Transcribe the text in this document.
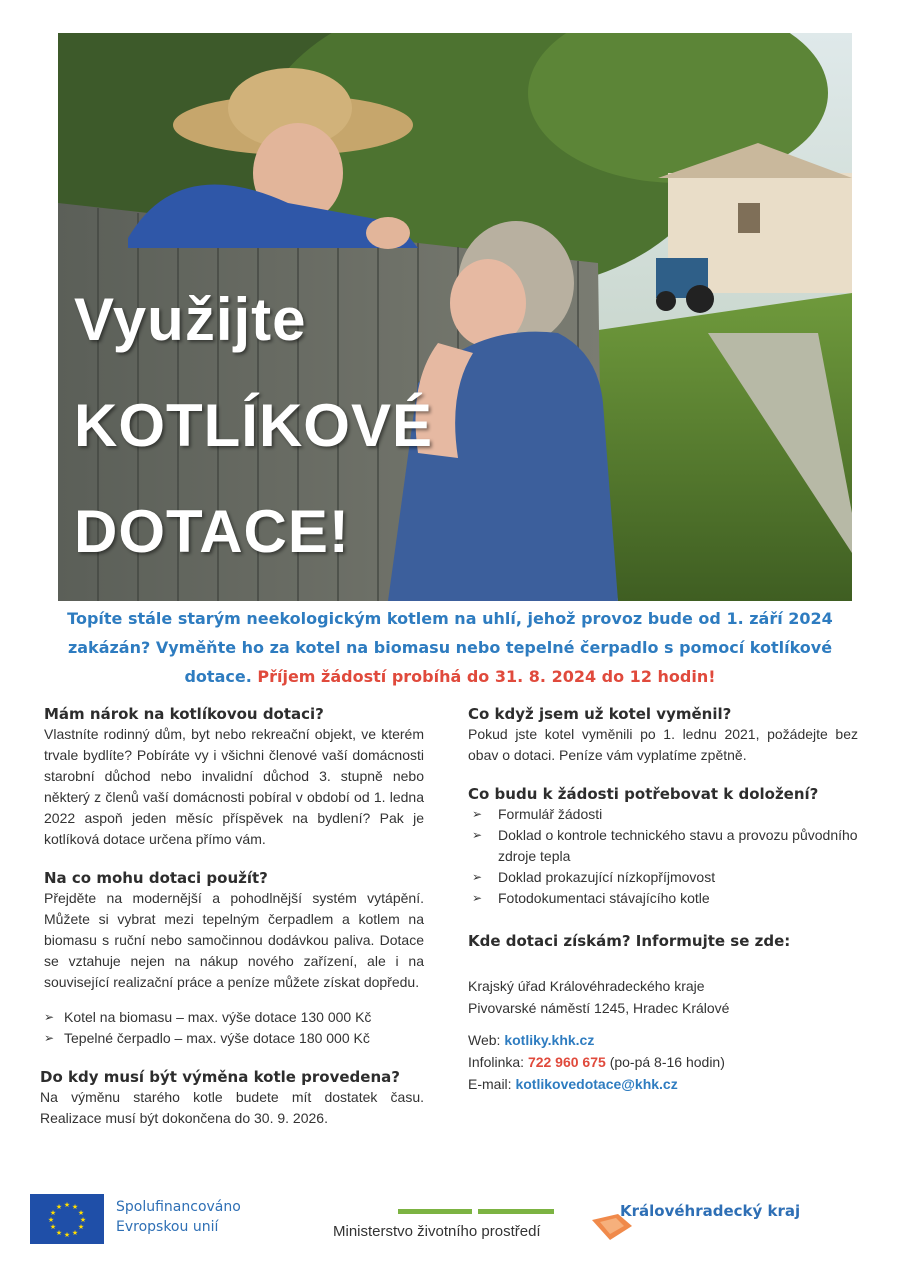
Využijte
KOTLÍKOVÉ
DOTACE!

Topíte stále starým neekologickým kotlem na uhlí, jehož provoz bude od 1. září 2024 zakázán? Vyměňte ho za kotel na biomasu nebo tepelné čerpadlo s pomocí kotlíkové dotace. Příjem žádostí probíhá do 31. 8. 2024 do 12 hodin!

Mám nárok na kotlíkovou dotaci?

Vlastníte rodinný dům, byt nebo rekreační objekt, ve kterém trvale bydlíte? Pobíráte vy i všichni členové vaší domácnosti starobní důchod nebo invalidní důchod 3. stupně nebo některý z členů vaší domácnosti pobíral v období od 1. ledna 2022 aspoň jeden měsíc příspěvek na bydlení? Pak je kotlíková dotace určena přímo vám.

Na co mohu dotaci použít?

Přejděte na modernější a pohodlnější systém vytápění. Můžete si vybrat mezi tepelným čerpadlem a kotlem na biomasu s ruční nebo samočinnou dodávkou paliva. Dotace se vztahuje nejen na nákup nového zařízení, ale i na související realizační práce a peníze můžete získat dopředu.

➢ Kotel na biomasu – max. výše dotace 130 000 Kč
➢ Tepelné čerpadlo – max. výše dotace 180 000 Kč
Do kdy musí být výměna kotle provedena?

Na výměnu starého kotle budete mít dostatek času. Realizace musí být dokončena do 30. 9. 2026.

Co když jsem už kotel vyměnil?

Pokud jste kotel vyměnili po 1. lednu 2021, požádejte bez obav o dotaci. Peníze vám vyplatíme zpětně.

Co budu k žádosti potřebovat k doložení?
➢ Formulář žádosti
➢ Doklad o kontrole technického stavu a provozu původního zdroje tepla
➢ Doklad prokazující nízkopříjmovost
➢ Fotodokumentaci stávajícího kotle
Kde dotaci získám? Informujte se zde:
Krajský úřad Královéhradeckého kraje
Pivovarské náměstí 1245, Hradec Králové
Web: kotliky.khk.cz
Infolinka: 722 960 675 (po-pá 8-16 hodin)
E-mail: kotlikovedotace@khk.cz
★ ★
★
★
★
★
★
★
★
★
★
★	Spolufinancováno
Evropskou unií	Ministerstvo životního prostředí
Královéhradecký kraj
